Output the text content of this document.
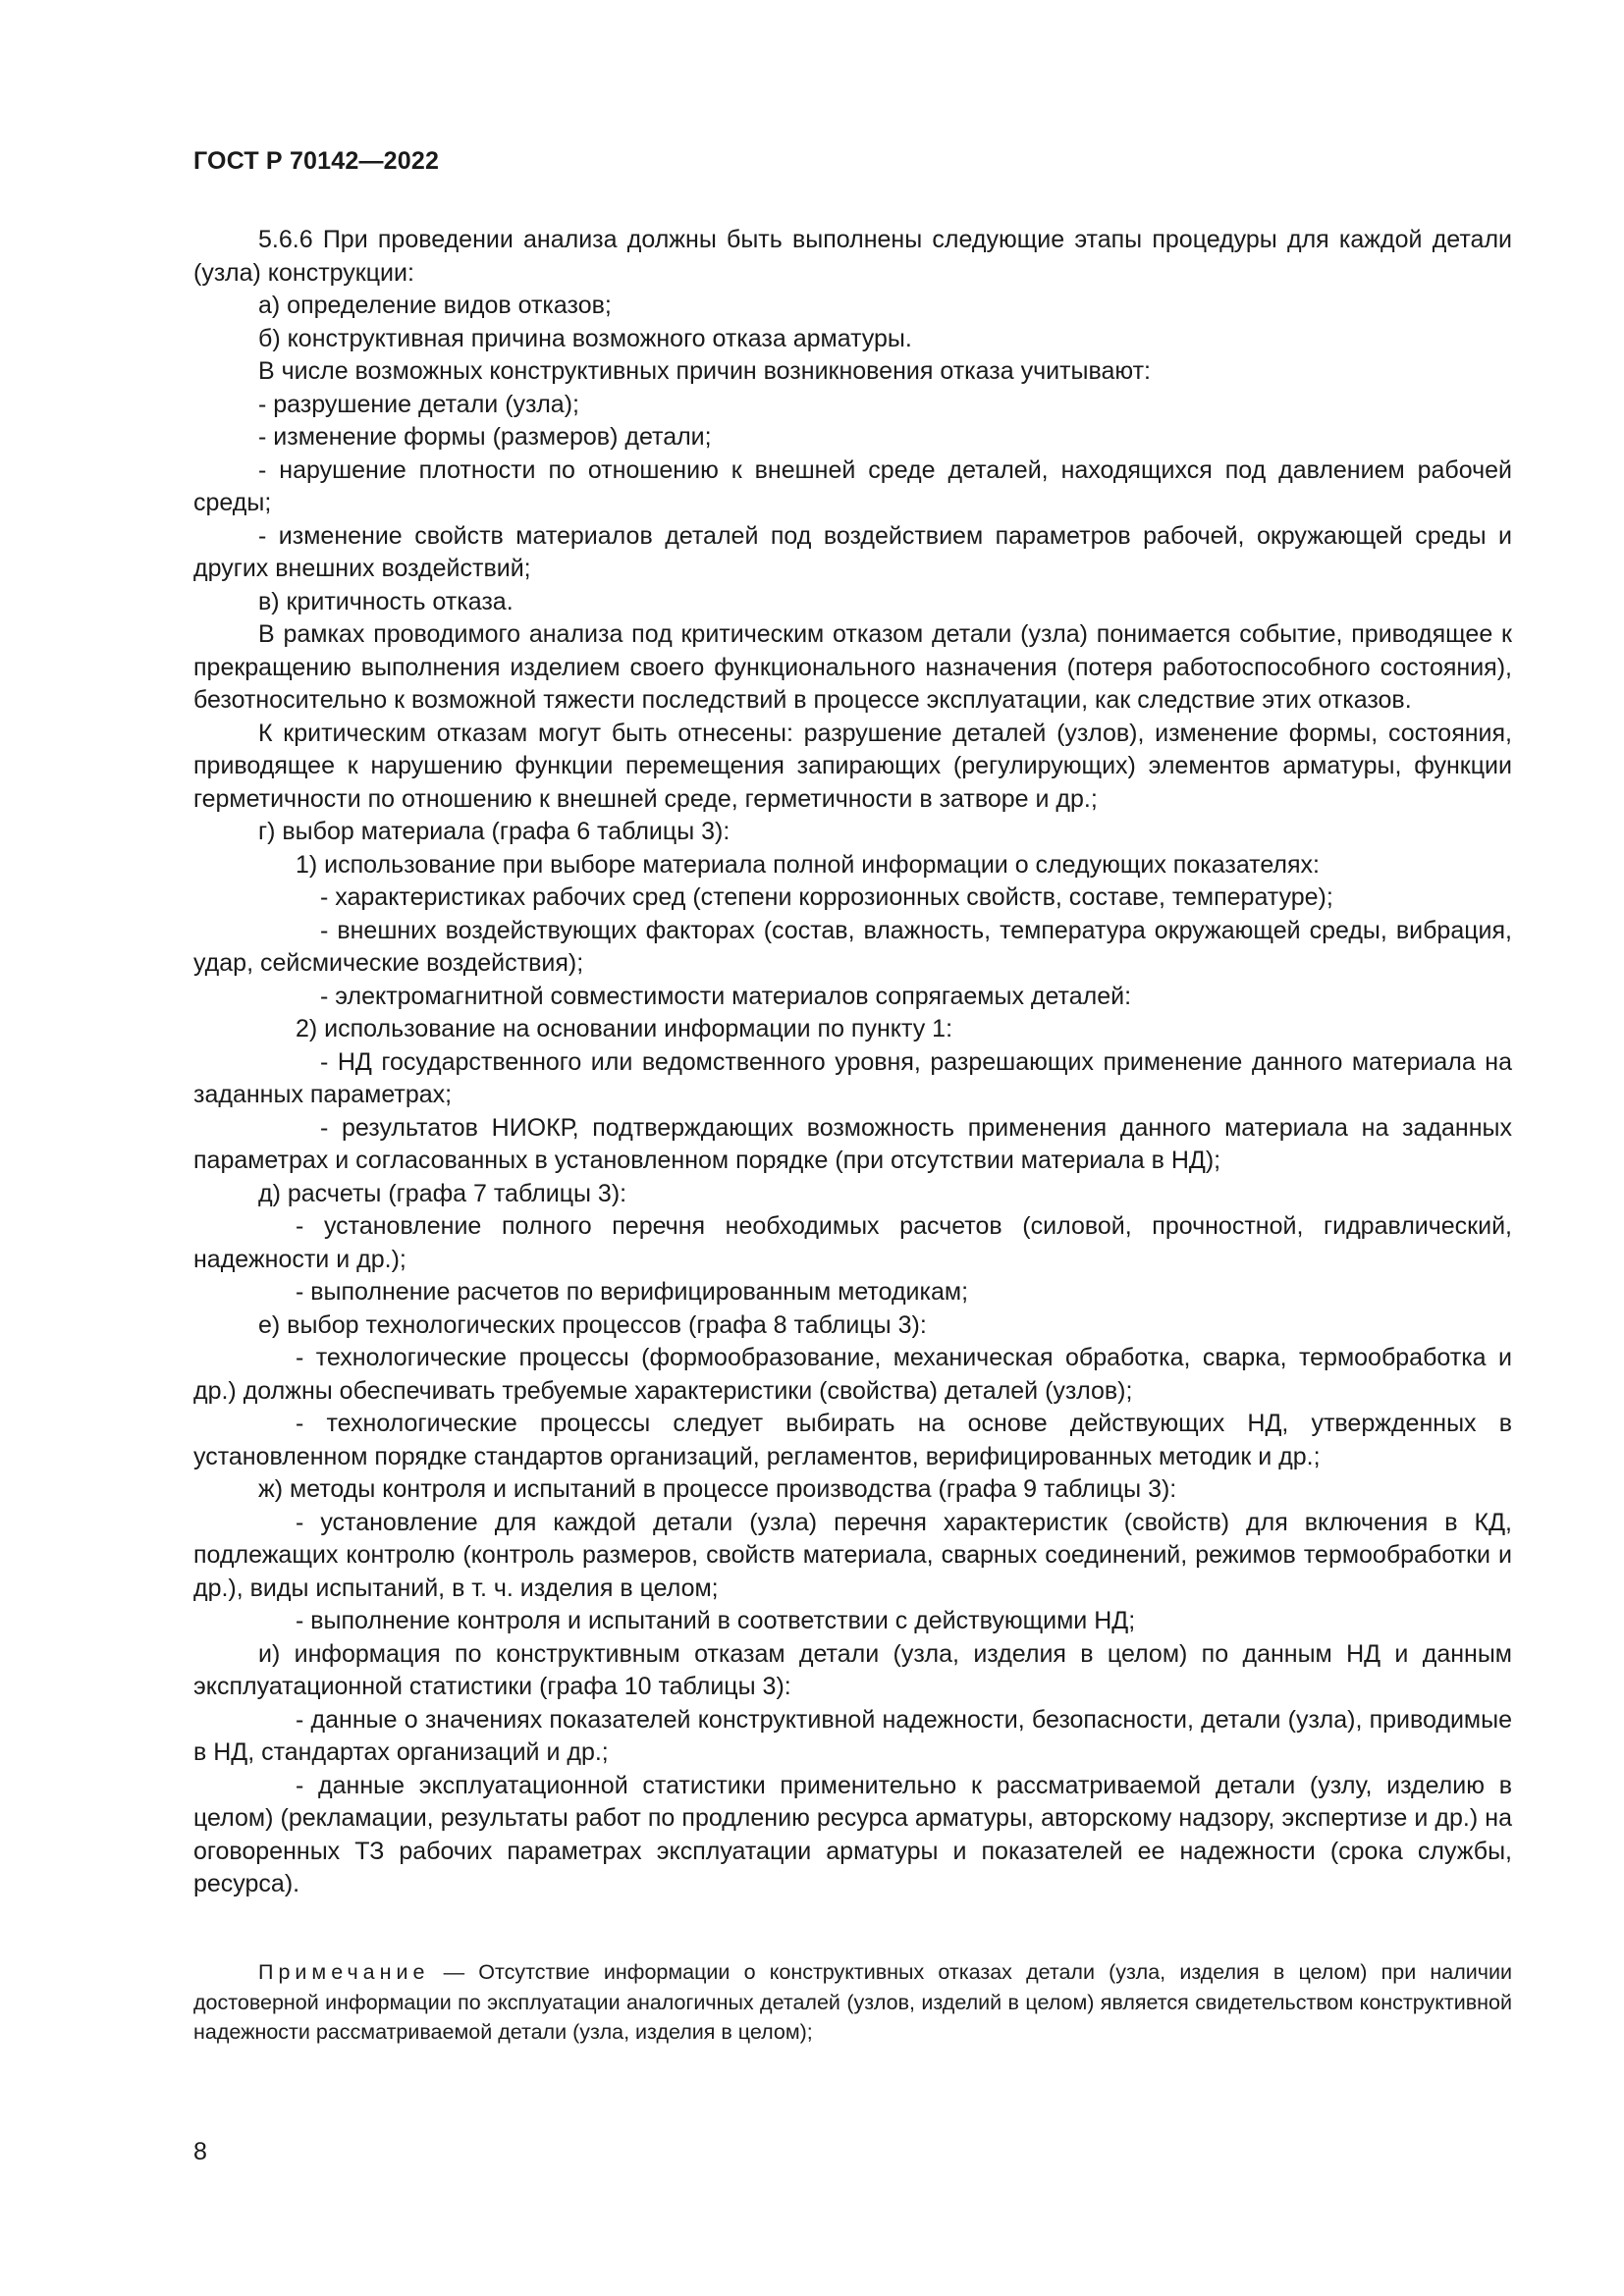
ГОСТ Р 70142—2022

5.6.6 При проведении анализа должны быть выполнены следующие этапы процедуры для каждой детали (узла) конструкции:

а) определение видов отказов;

б) конструктивная причина возможного отказа арматуры.

В числе возможных конструктивных причин возникновения отказа учитывают:

- разрушение детали (узла);

- изменение формы (размеров) детали;

- нарушение плотности по отношению к внешней среде деталей, находящихся под давлением рабочей среды;

- изменение свойств материалов деталей под воздействием параметров рабочей, окружающей среды и других внешних воздействий;

в) критичность отказа.

В рамках проводимого анализа под критическим отказом детали (узла) понимается событие, приводящее к прекращению выполнения изделием своего функционального назначения (потеря работоспособного состояния), безотносительно к возможной тяжести последствий в процессе эксплуатации, как следствие этих отказов.

К критическим отказам могут быть отнесены: разрушение деталей (узлов), изменение формы, состояния, приводящее к нарушению функции перемещения запирающих (регулирующих) элементов арматуры, функции герметичности по отношению к внешней среде, герметичности в затворе и др.;

г) выбор материала (графа 6 таблицы 3):

1) использование при выборе материала полной информации о следующих показателях:

- характеристиках рабочих сред (степени коррозионных свойств, составе, температуре);

- внешних воздействующих факторах (состав, влажность, температура окружающей среды, вибрация, удар, сейсмические воздействия);

- электромагнитной совместимости материалов сопрягаемых деталей:

2) использование на основании информации по пункту 1:

- НД государственного или ведомственного уровня, разрешающих применение данного материала на заданных параметрах;

- результатов НИОКР, подтверждающих возможность применения данного материала на заданных параметрах и согласованных в установленном порядке (при отсутствии материала в НД);

д) расчеты (графа 7 таблицы 3):

- установление полного перечня необходимых расчетов (силовой, прочностной, гидравлический, надежности и др.);

- выполнение расчетов по верифицированным методикам;

е) выбор технологических процессов (графа 8 таблицы 3):

- технологические процессы (формообразование, механическая обработка, сварка, термообработка и др.) должны обеспечивать требуемые характеристики (свойства) деталей (узлов);

- технологические процессы следует выбирать на основе действующих НД, утвержденных в установленном порядке стандартов организаций, регламентов, верифицированных методик и др.;

ж) методы контроля и испытаний в процессе производства (графа 9 таблицы 3):

- установление для каждой детали (узла) перечня характеристик (свойств) для включения в КД, подлежащих контролю (контроль размеров, свойств материала, сварных соединений, режимов термообработки и др.), виды испытаний, в т. ч. изделия в целом;

- выполнение контроля и испытаний в соответствии с действующими НД;

и) информация по конструктивным отказам детали (узла, изделия в целом) по данным НД и данным эксплуатационной статистики (графа 10 таблицы 3):

- данные о значениях показателей конструктивной надежности, безопасности, детали (узла), приводимые в НД, стандартах организаций и др.;

- данные эксплуатационной статистики применительно к рассматриваемой детали (узлу, изделию в целом) (рекламации, результаты работ по продлению ресурса арматуры, авторскому надзору, экспертизе и др.) на оговоренных ТЗ рабочих параметрах эксплуатации арматуры и показателей ее надежности (срока службы, ресурса).

Примечание — Отсутствие информации о конструктивных отказах детали (узла, изделия в целом) при наличии достоверной информации по эксплуатации аналогичных деталей (узлов, изделий в целом) является свидетельством конструктивной надежности рассматриваемой детали (узла, изделия в целом);

8
